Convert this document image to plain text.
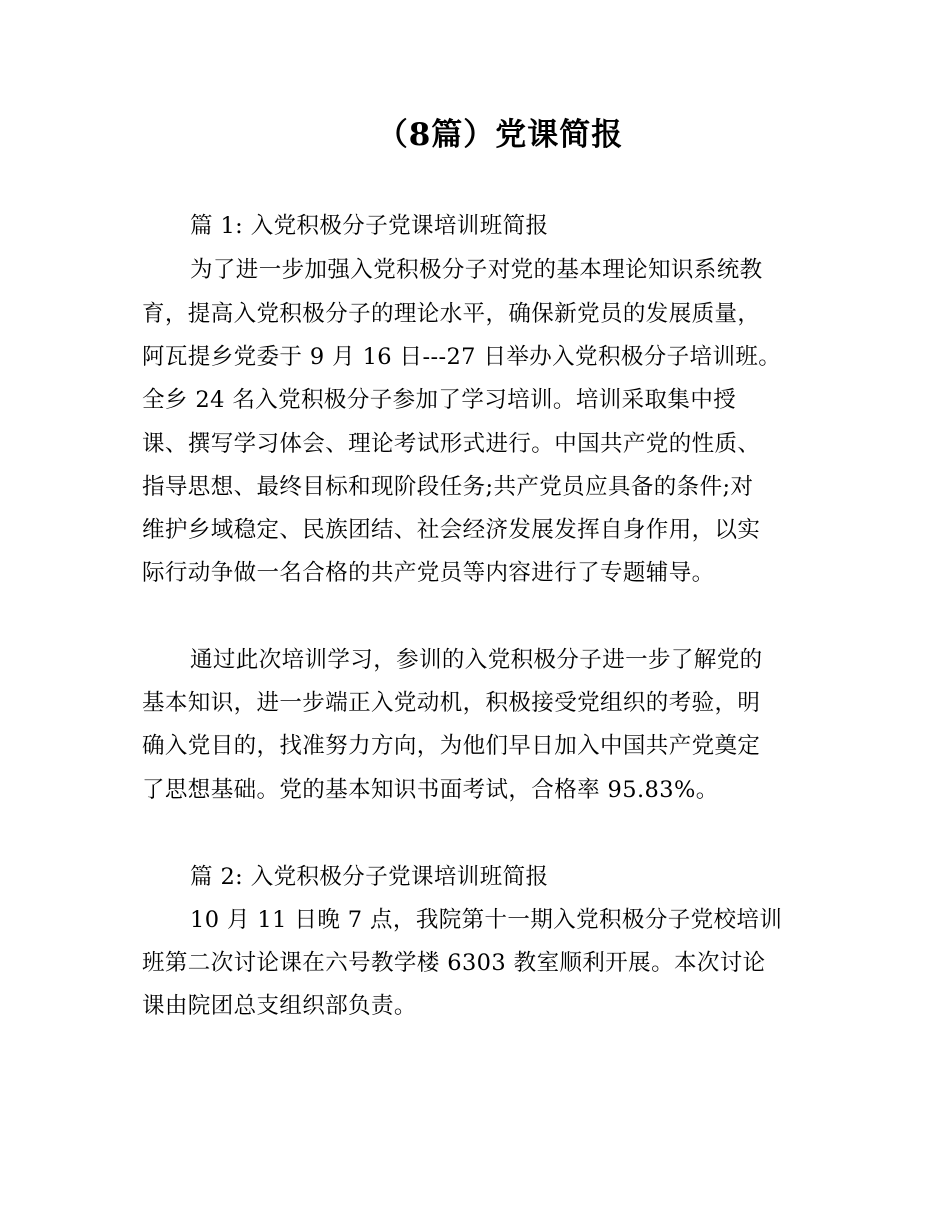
（8篇）党课简报
篇 1: 入党积极分子党课培训班简报
为了进一步加强入党积极分子对党的基本理论知识系统教
育，提高入党积极分子的理论水平，确保新党员的发展质量，
阿瓦提乡党委于 9 月 16 日---27 日举办入党积极分子培训班。
全乡 24 名入党积极分子参加了学习培训。培训采取集中授
课、撰写学习体会、理论考试形式进行。中国共产党的性质、
指导思想、最终目标和现阶段任务;共产党员应具备的条件;对
维护乡域稳定、民族团结、社会经济发展发挥自身作用，以实
际行动争做一名合格的共产党员等内容进行了专题辅导。
通过此次培训学习，参训的入党积极分子进一步了解党的
基本知识，进一步端正入党动机，积极接受党组织的考验，明
确入党目的，找准努力方向，为他们早日加入中国共产党奠定
了思想基础。党的基本知识书面考试，合格率 95.83%。
篇 2: 入党积极分子党课培训班简报
10 月 11 日晚 7 点，我院第十一期入党积极分子党校培训
班第二次讨论课在六号教学楼 6303 教室顺利开展。本次讨论
课由院团总支组织部负责。
